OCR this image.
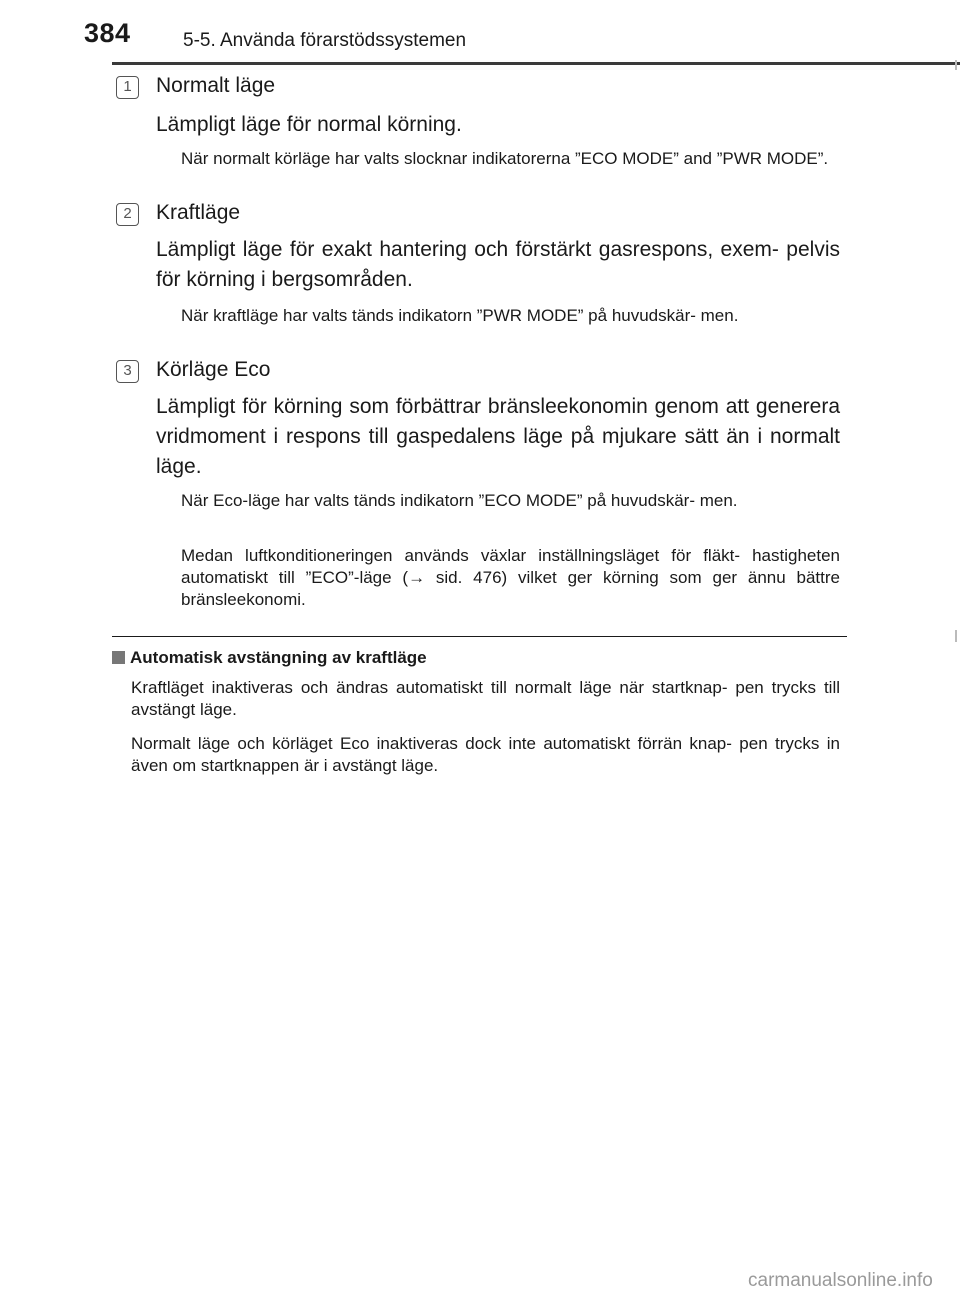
384	5-5. Använda förarstödssystemen
1	Normalt läge
Lämpligt läge för normal körning.
När normalt körläge har valts slocknar indikatorerna ”ECO MODE” and ”PWR MODE”.
2	Kraftläge
Lämpligt läge för exakt hantering och förstärkt gasrespons, exem- pelvis för körning i bergsområden.
När kraftläge har valts tänds indikatorn ”PWR MODE” på huvudskär- men.
3	Körläge Eco
Lämpligt för körning som förbättrar bränsleekonomin genom att generera vridmoment i respons till gaspedalens läge på mjukare sätt än i normalt läge.
När Eco-läge har valts tänds indikatorn ”ECO MODE” på huvudskär- men.
Medan luftkonditioneringen används växlar inställningsläget för fläkt- hastigheten automatiskt till ”ECO”-läge (→ sid. 476) vilket ger körning som ger ännu bättre bränsleekonomi.
Automatisk avstängning av kraftläge
Kraftläget inaktiveras och ändras automatiskt till normalt läge när startknap- pen trycks till avstängt läge.
Normalt läge och körläget Eco inaktiveras dock inte automatiskt förrän knap- pen trycks in även om startknappen är i avstängt läge.
carmanualsonline.info
